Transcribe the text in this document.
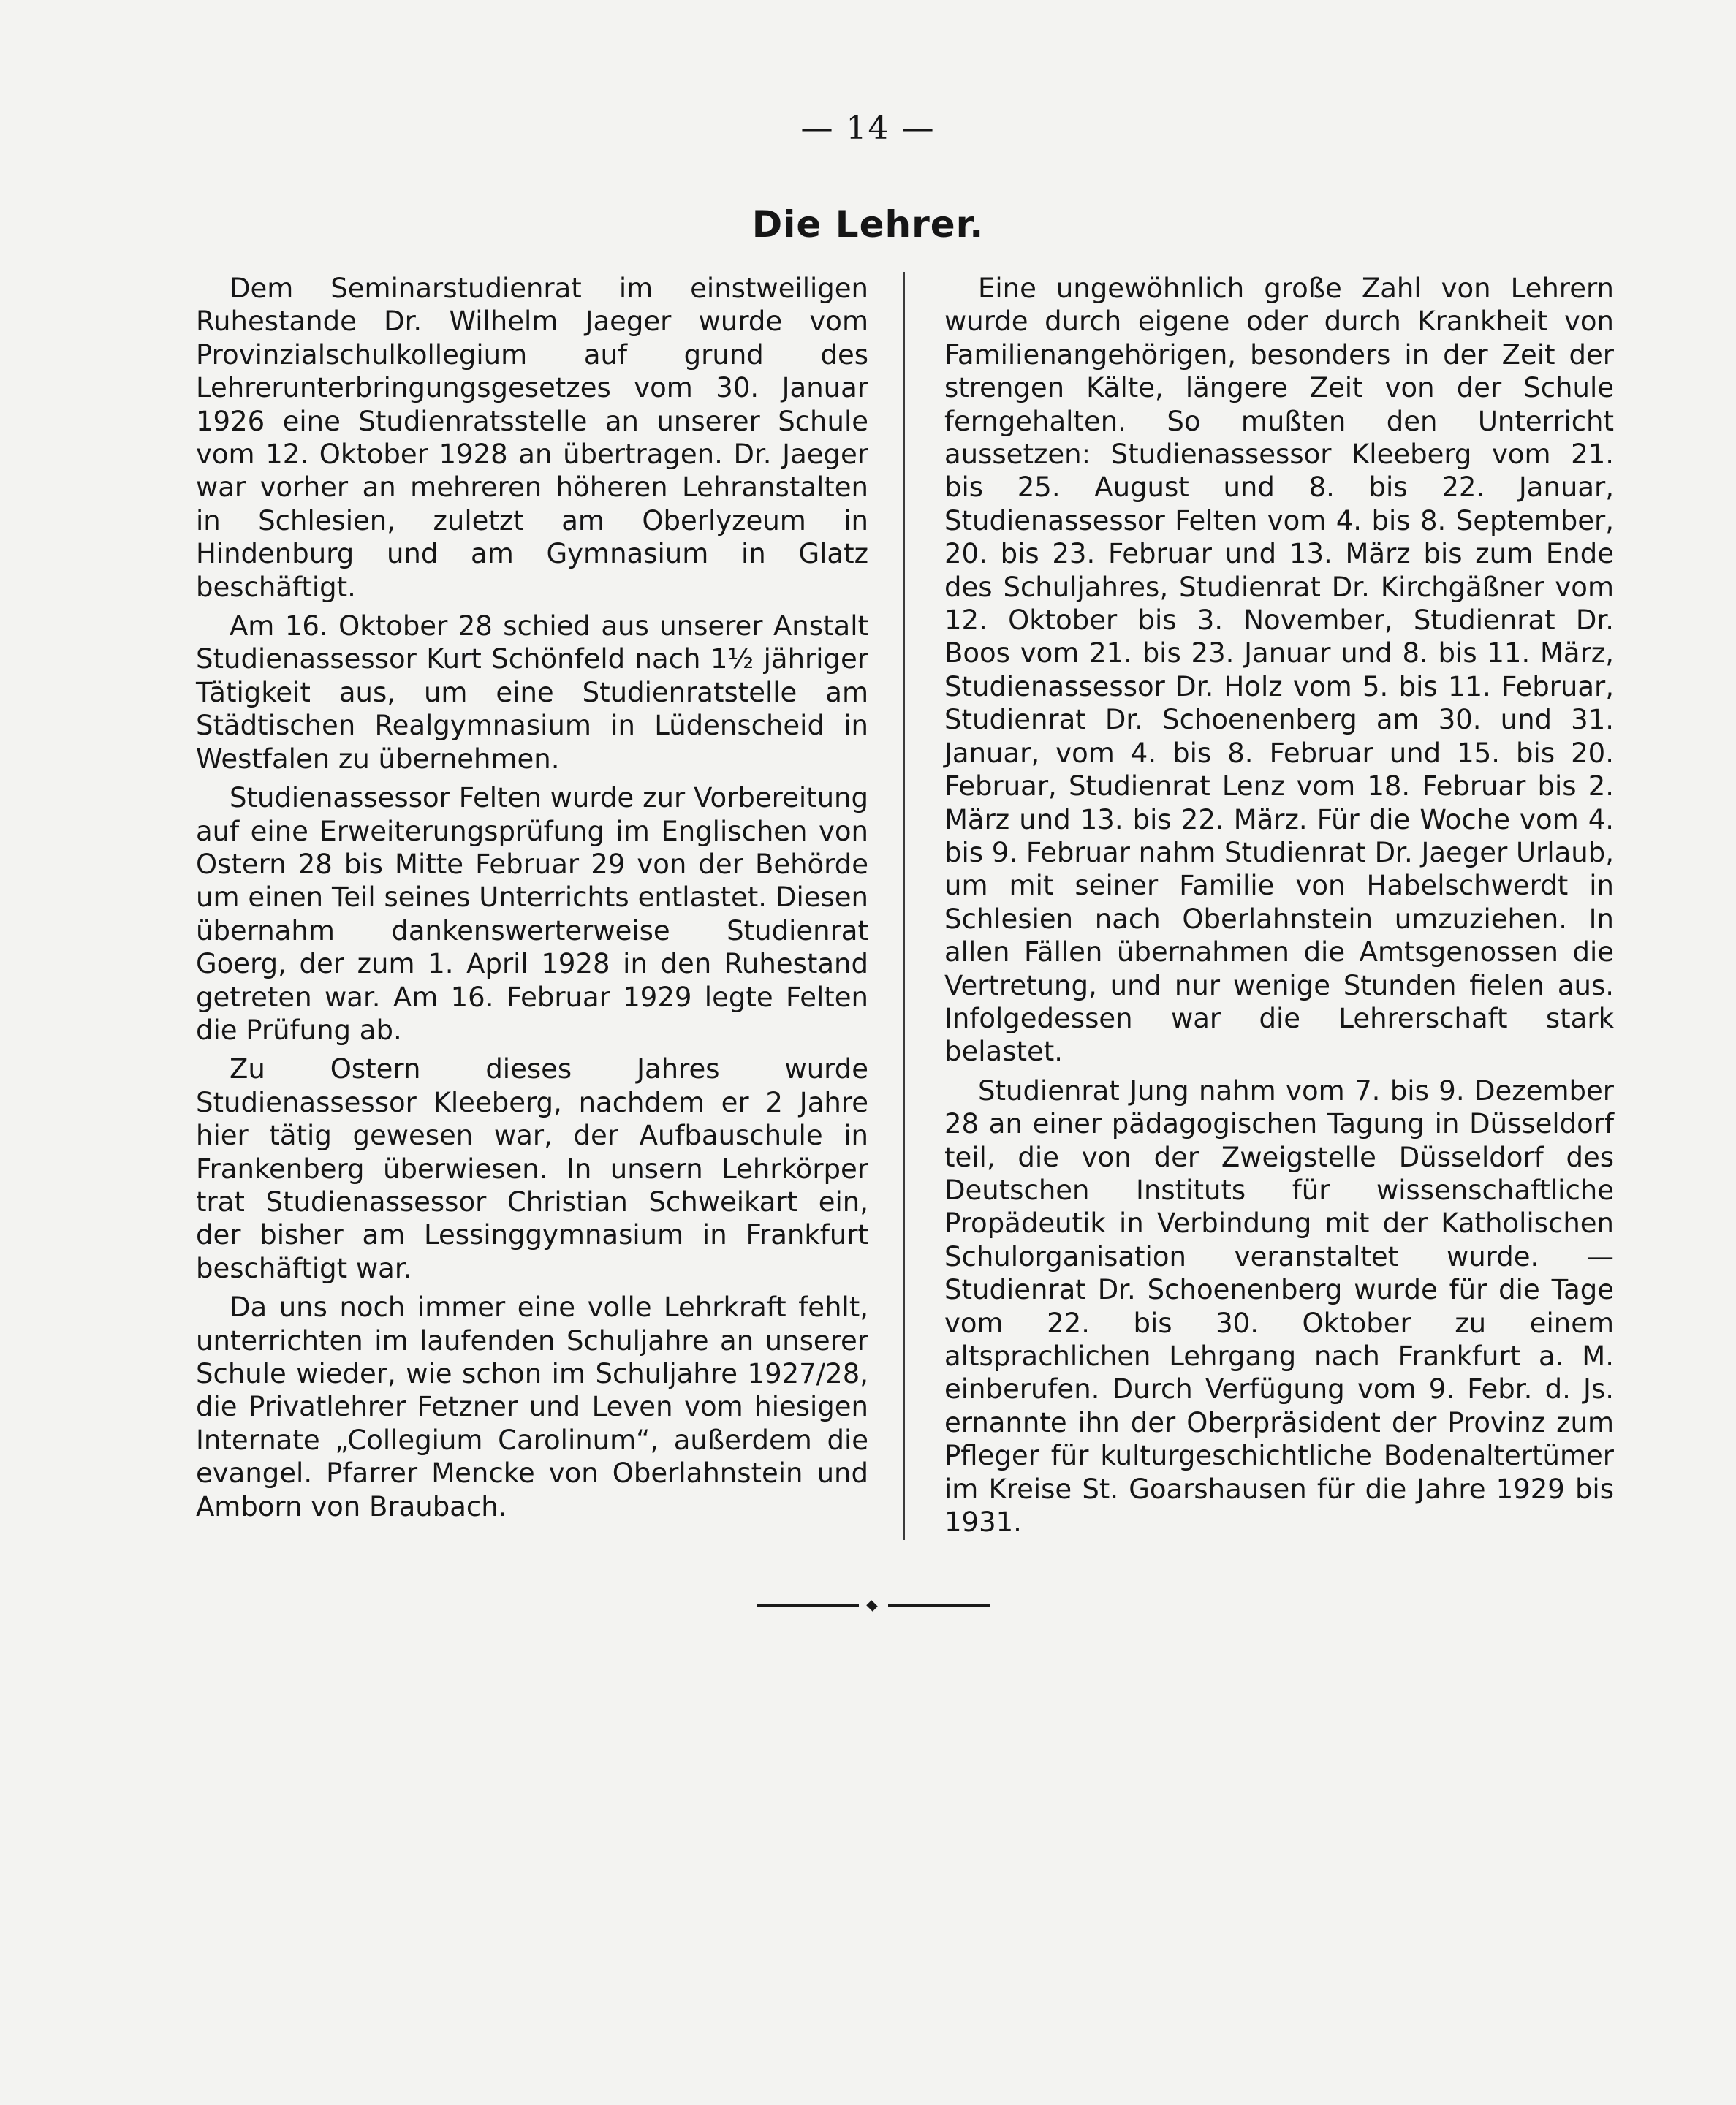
— 14 —
Die Lehrer.

Dem Seminarstudienrat im einstweiligen Ruhestande Dr. Wilhelm Jaeger wurde vom Provinzialschulkollegium auf grund des Lehrerunterbringungsgesetzes vom 30. Januar 1926 eine Studienratsstelle an unserer Schule vom 12. Oktober 1928 an übertragen. Dr. Jaeger war vorher an mehreren höheren Lehranstalten in Schlesien, zuletzt am Oberlyzeum in Hindenburg und am Gymnasium in Glatz beschäftigt.

Am 16. Oktober 28 schied aus unserer Anstalt Studienassessor Kurt Schönfeld nach 1½ jähriger Tätigkeit aus, um eine Studienratstelle am Städtischen Realgymnasium in Lüdenscheid in Westfalen zu übernehmen.

Studienassessor Felten wurde zur Vorbereitung auf eine Erweiterungsprüfung im Englischen von Ostern 28 bis Mitte Februar 29 von der Behörde um einen Teil seines Unterrichts entlastet. Diesen übernahm dankenswerterweise Studienrat Goerg, der zum 1. April 1928 in den Ruhestand getreten war. Am 16. Februar 1929 legte Felten die Prüfung ab.

Zu Ostern dieses Jahres wurde Studienassessor Kleeberg, nachdem er 2 Jahre hier tätig gewesen war, der Aufbauschule in Frankenberg überwiesen. In unsern Lehrkörper trat Studienassessor Christian Schweikart ein, der bisher am Lessinggymnasium in Frankfurt beschäftigt war.

Da uns noch immer eine volle Lehrkraft fehlt, unterrichten im laufenden Schuljahre an unserer Schule wieder, wie schon im Schuljahre 1927/28, die Privatlehrer Fetzner und Leven vom hiesigen Internate „Collegium Carolinum“, außerdem die evangel. Pfarrer Mencke von Oberlahnstein und Amborn von Braubach.

Eine ungewöhnlich große Zahl von Lehrern wurde durch eigene oder durch Krankheit von Familienangehörigen, besonders in der Zeit der strengen Kälte, längere Zeit von der Schule ferngehalten. So mußten den Unterricht aussetzen: Studienassessor Kleeberg vom 21. bis 25. August und 8. bis 22. Januar, Studienassessor Felten vom 4. bis 8. September, 20. bis 23. Februar und 13. März bis zum Ende des Schuljahres, Studienrat Dr. Kirchgäßner vom 12. Oktober bis 3. November, Studienrat Dr. Boos vom 21. bis 23. Januar und 8. bis 11. März, Studienassessor Dr. Holz vom 5. bis 11. Februar, Studienrat Dr. Schoenenberg am 30. und 31. Januar, vom 4. bis 8. Februar und 15. bis 20. Februar, Studienrat Lenz vom 18. Februar bis 2. März und 13. bis 22. März. Für die Woche vom 4. bis 9. Februar nahm Studienrat Dr. Jaeger Urlaub, um mit seiner Familie von Habelschwerdt in Schlesien nach Oberlahnstein umzuziehen. In allen Fällen übernahmen die Amtsgenossen die Vertretung, und nur wenige Stunden fielen aus. Infolgedessen war die Lehrerschaft stark belastet.

Studienrat Jung nahm vom 7. bis 9. Dezember 28 an einer pädagogischen Tagung in Düsseldorf teil, die von der Zweigstelle Düsseldorf des Deutschen Instituts für wissenschaftliche Propädeutik in Verbindung mit der Katholischen Schulorganisation veranstaltet wurde. — Studienrat Dr. Schoenenberg wurde für die Tage vom 22. bis 30. Oktober zu einem altsprachlichen Lehrgang nach Frankfurt a. M. einberufen. Durch Verfügung vom 9. Febr. d. Js. ernannte ihn der Oberpräsident der Provinz zum Pfleger für kulturgeschichtliche Bodenaltertümer im Kreise St. Goarshausen für die Jahre 1929 bis 1931.
